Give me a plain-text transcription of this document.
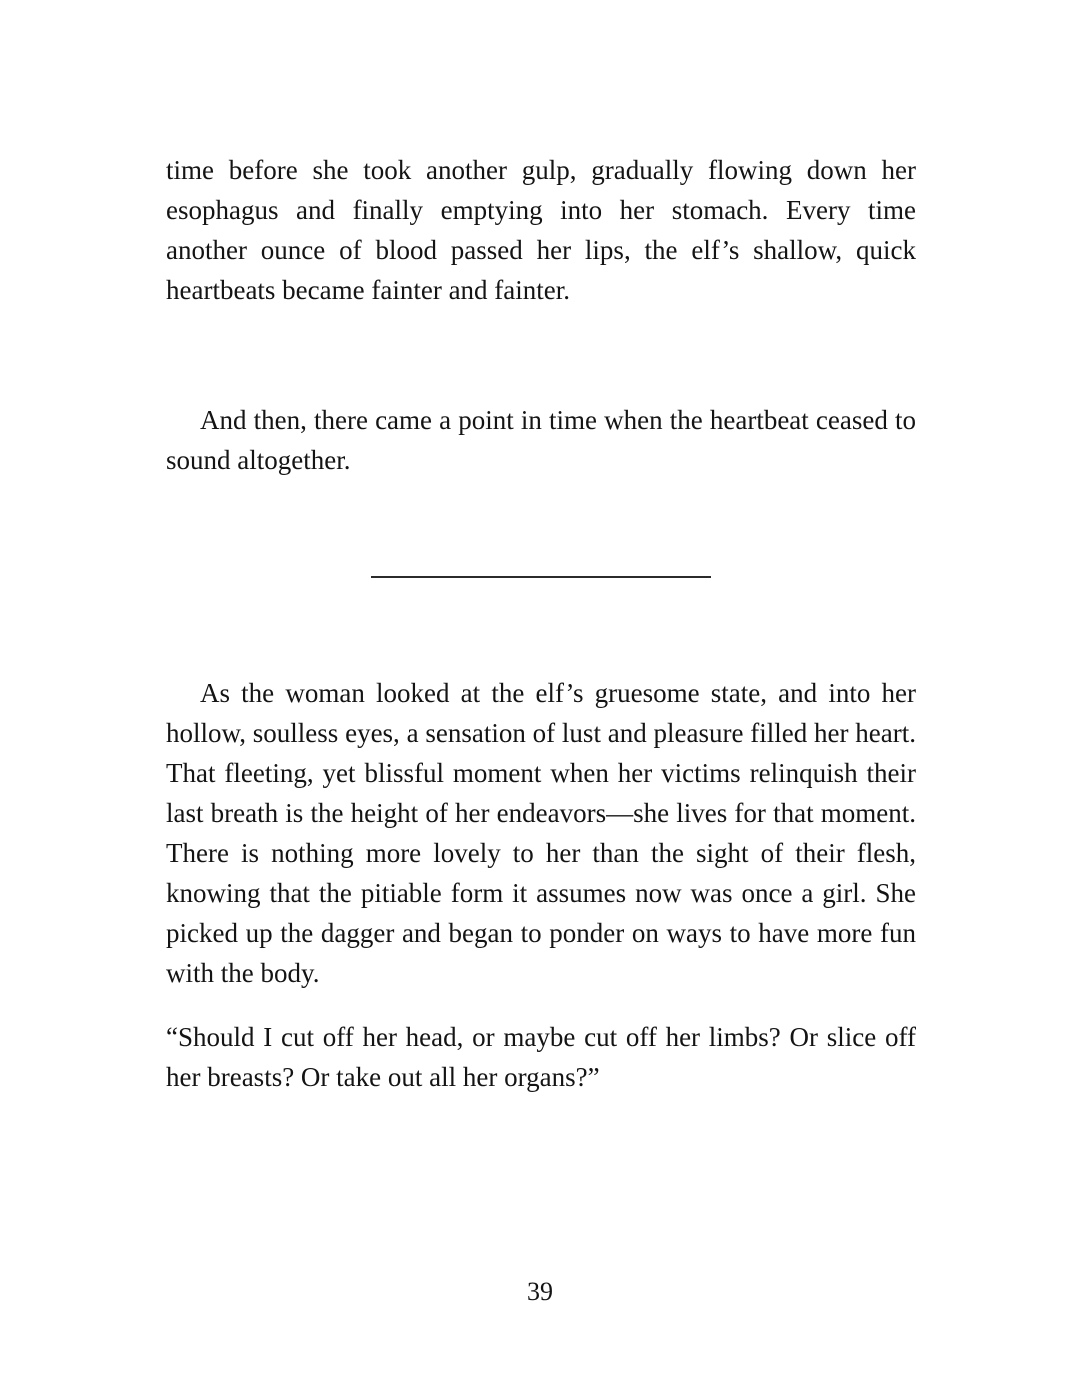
time before she took another gulp, gradually flowing down her esophagus and finally emptying into her stomach. Every time another ounce of blood passed her lips, the elf’s shallow, quick heartbeats became fainter and fainter.

And then, there came a point in time when the heartbeat ceased to sound altogether.

As the woman looked at the elf’s gruesome state, and into her hollow, soulless eyes, a sensation of lust and pleasure filled her heart. That fleeting, yet blissful moment when her victims relinquish their last breath is the height of her endeavors—she lives for that moment. There is nothing more lovely to her than the sight of their flesh, knowing that the pitiable form it assumes now was once a girl. She picked up the dagger and began to ponder on ways to have more fun with the body.

“Should I cut off her head, or maybe cut off her limbs? Or slice off her breasts? Or take out all her organs?”

39
